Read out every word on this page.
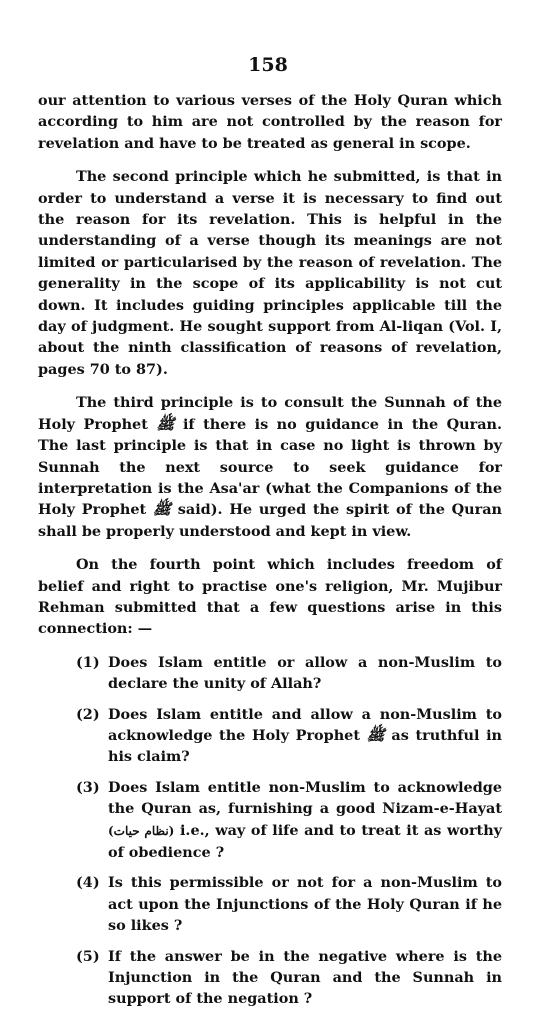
158

our attention to various verses of the Holy Quran which according to him are not controlled by the reason for revelation and have to be treated as general in scope.

The second principle which he submitted, is that in order to understand a verse it is necessary to find out the reason for its revelation. This is helpful in the understanding of a verse though its meanings are not limited or particularised by the reason of revelation. The generality in the scope of its applicability is not cut down. It includes guiding principles applicable till the day of judgment. He sought support from Al-liqan (Vol. I, about the ninth classification of reasons of revelation, pages 70 to 87).

The third principle is to consult the Sunnah of the Holy Prophet ﷺ if there is no guidance in the Quran. The last principle is that in case no light is thrown by Sunnah the next source to seek guidance for interpretation is the Asa'ar (what the Companions of the Holy Prophet ﷺ said). He urged the spirit of the Quran shall be properly understood and kept in view.

On the fourth point which includes freedom of belief and right to practise one's religion, Mr. Mujibur Rehman submitted that a few questions arise in this connection: —

(1) Does Islam entitle or allow a non-Muslim to declare the unity of Allah?
(2) Does Islam entitle and allow a non-Muslim to acknowledge the Holy Prophet ﷺ as truthful in his claim?
(3) Does Islam entitle non-Muslim to acknowledge the Quran as, furnishing a good Nizam-e-Hayat (نظام حیات) i.e., way of life and to treat it as worthy of obedience ?
(4) Is this permissible or not for a non-Muslim to act upon the Injunctions of the Holy Quran if he so likes ?
(5) If the answer be in the negative where is the Injunction in the Quran and the Sunnah in support of the negation ?
